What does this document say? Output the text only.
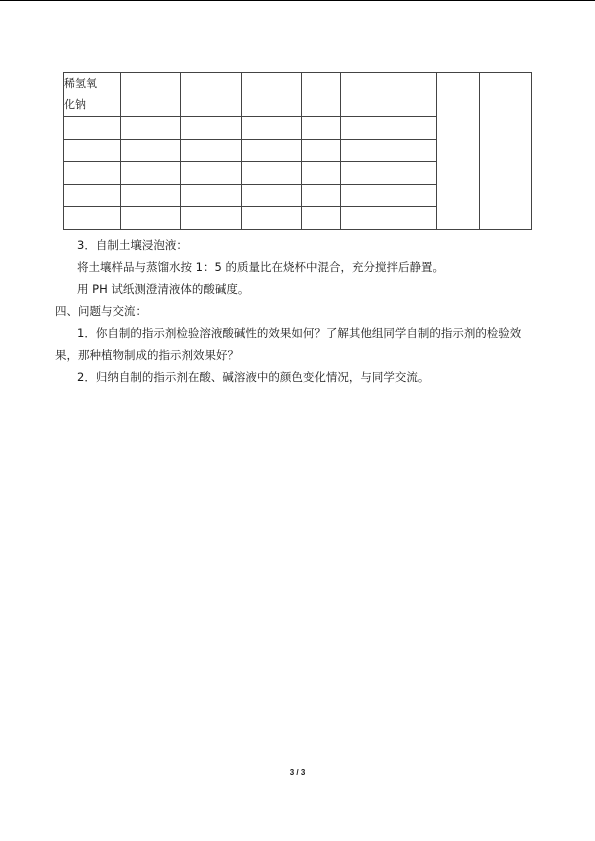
稀氢氧
化钠							

3．自制土壤浸泡液：

将土壤样品与蒸馏水按 1：5 的质量比在烧杯中混合，充分搅拌后静置。

用 PH 试纸测澄清液体的酸碱度。

四、问题与交流：

1．你自制的指示剂检验溶液酸碱性的效果如何？了解其他组同学自制的指示剂的检验效

果，那种植物制成的指示剂效果好？

2．归纳自制的指示剂在酸、碱溶液中的颜色变化情况，与同学交流。

3 / 3
